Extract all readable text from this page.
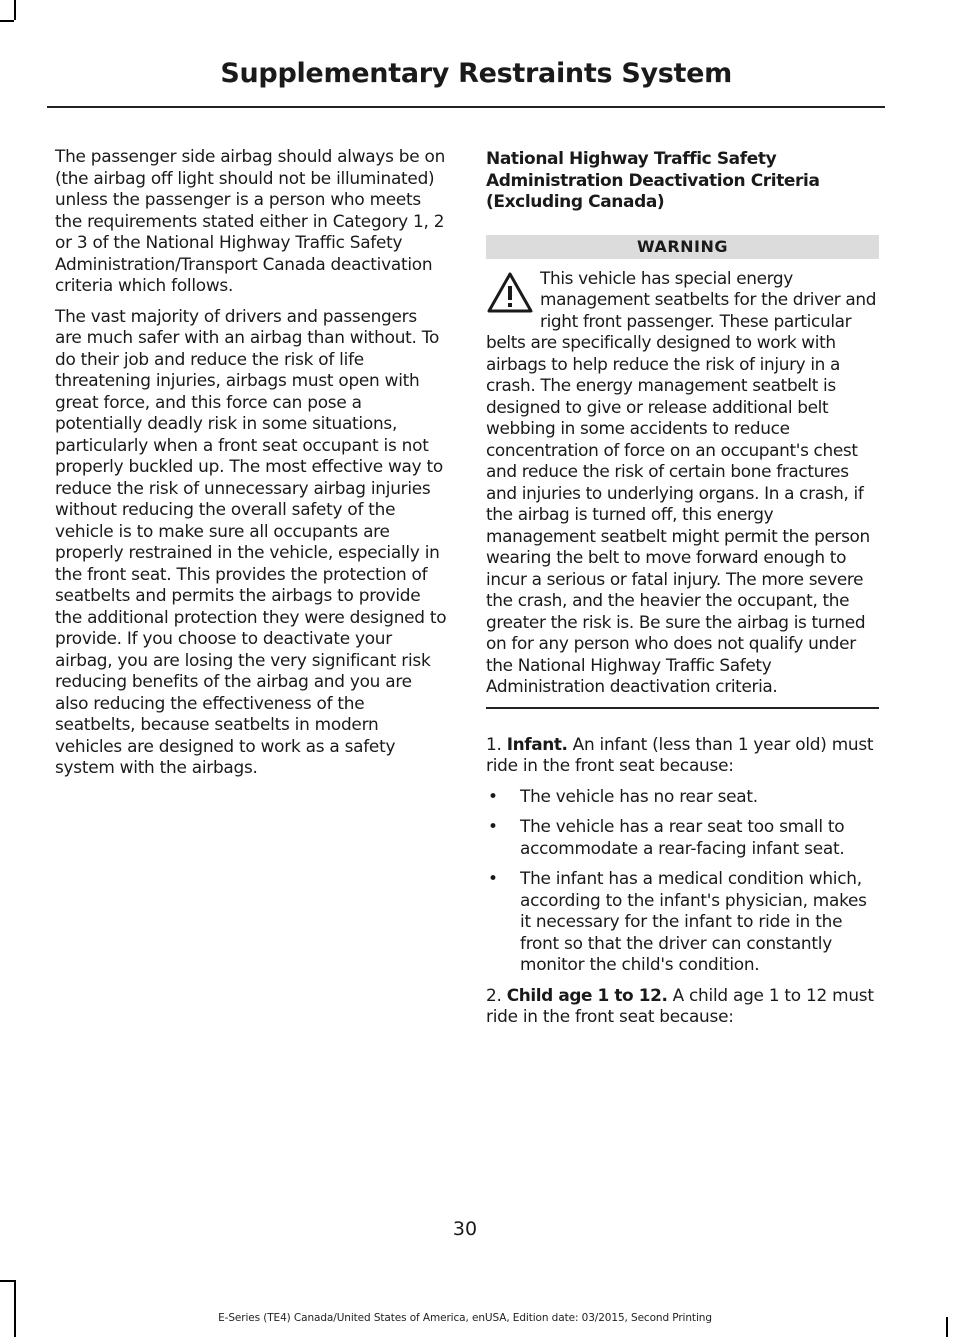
Supplementary Restraints System

The passenger side airbag should always be on (the airbag off light should not be illuminated) unless the passenger is a person who meets the requirements stated either in Category 1, 2 or 3 of the National Highway Traffic Safety Administration/Transport Canada deactivation criteria which follows.

The vast majority of drivers and passengers are much safer with an airbag than without. To do their job and reduce the risk of life threatening injuries, airbags must open with great force, and this force can pose a potentially deadly risk in some situations, particularly when a front seat occupant is not properly buckled up. The most effective way to reduce the risk of unnecessary airbag injuries without reducing the overall safety of the vehicle is to make sure all occupants are properly restrained in the vehicle, especially in the front seat. This provides the protection of seatbelts and permits the airbags to provide the additional protection they were designed to provide. If you choose to deactivate your airbag, you are losing the very significant risk reducing benefits of the airbag and you are also reducing the effectiveness of the seatbelts, because seatbelts in modern vehicles are designed to work as a safety system with the airbags.

National Highway Traffic Safety Administration Deactivation Criteria (Excluding Canada)
WARNING

This vehicle has special energy management seatbelts for the driver and right front passenger. These particular belts are specifically designed to work with airbags to help reduce the risk of injury in a crash. The energy management seatbelt is designed to give or release additional belt webbing in some accidents to reduce concentration of force on an occupant's chest and reduce the risk of certain bone fractures and injuries to underlying organs. In a crash, if the airbag is turned off, this energy management seatbelt might permit the person wearing the belt to move forward enough to incur a serious or fatal injury. The more severe the crash, and the heavier the occupant, the greater the risk is. Be sure the airbag is turned on for any person who does not qualify under the National Highway Traffic Safety Administration deactivation criteria.

1. Infant. An infant (less than 1 year old) must ride in the front seat because:

• The vehicle has no rear seat.
• The vehicle has a rear seat too small to accommodate a rear-facing infant seat.
• The infant has a medical condition which, according to the infant's physician, makes it necessary for the infant to ride in the front so that the driver can constantly monitor the child's condition.

2. Child age 1 to 12. A child age 1 to 12 must ride in the front seat because:

30
E-Series (TE4) Canada/United States of America, enUSA, Edition date: 03/2015, Second Printing
